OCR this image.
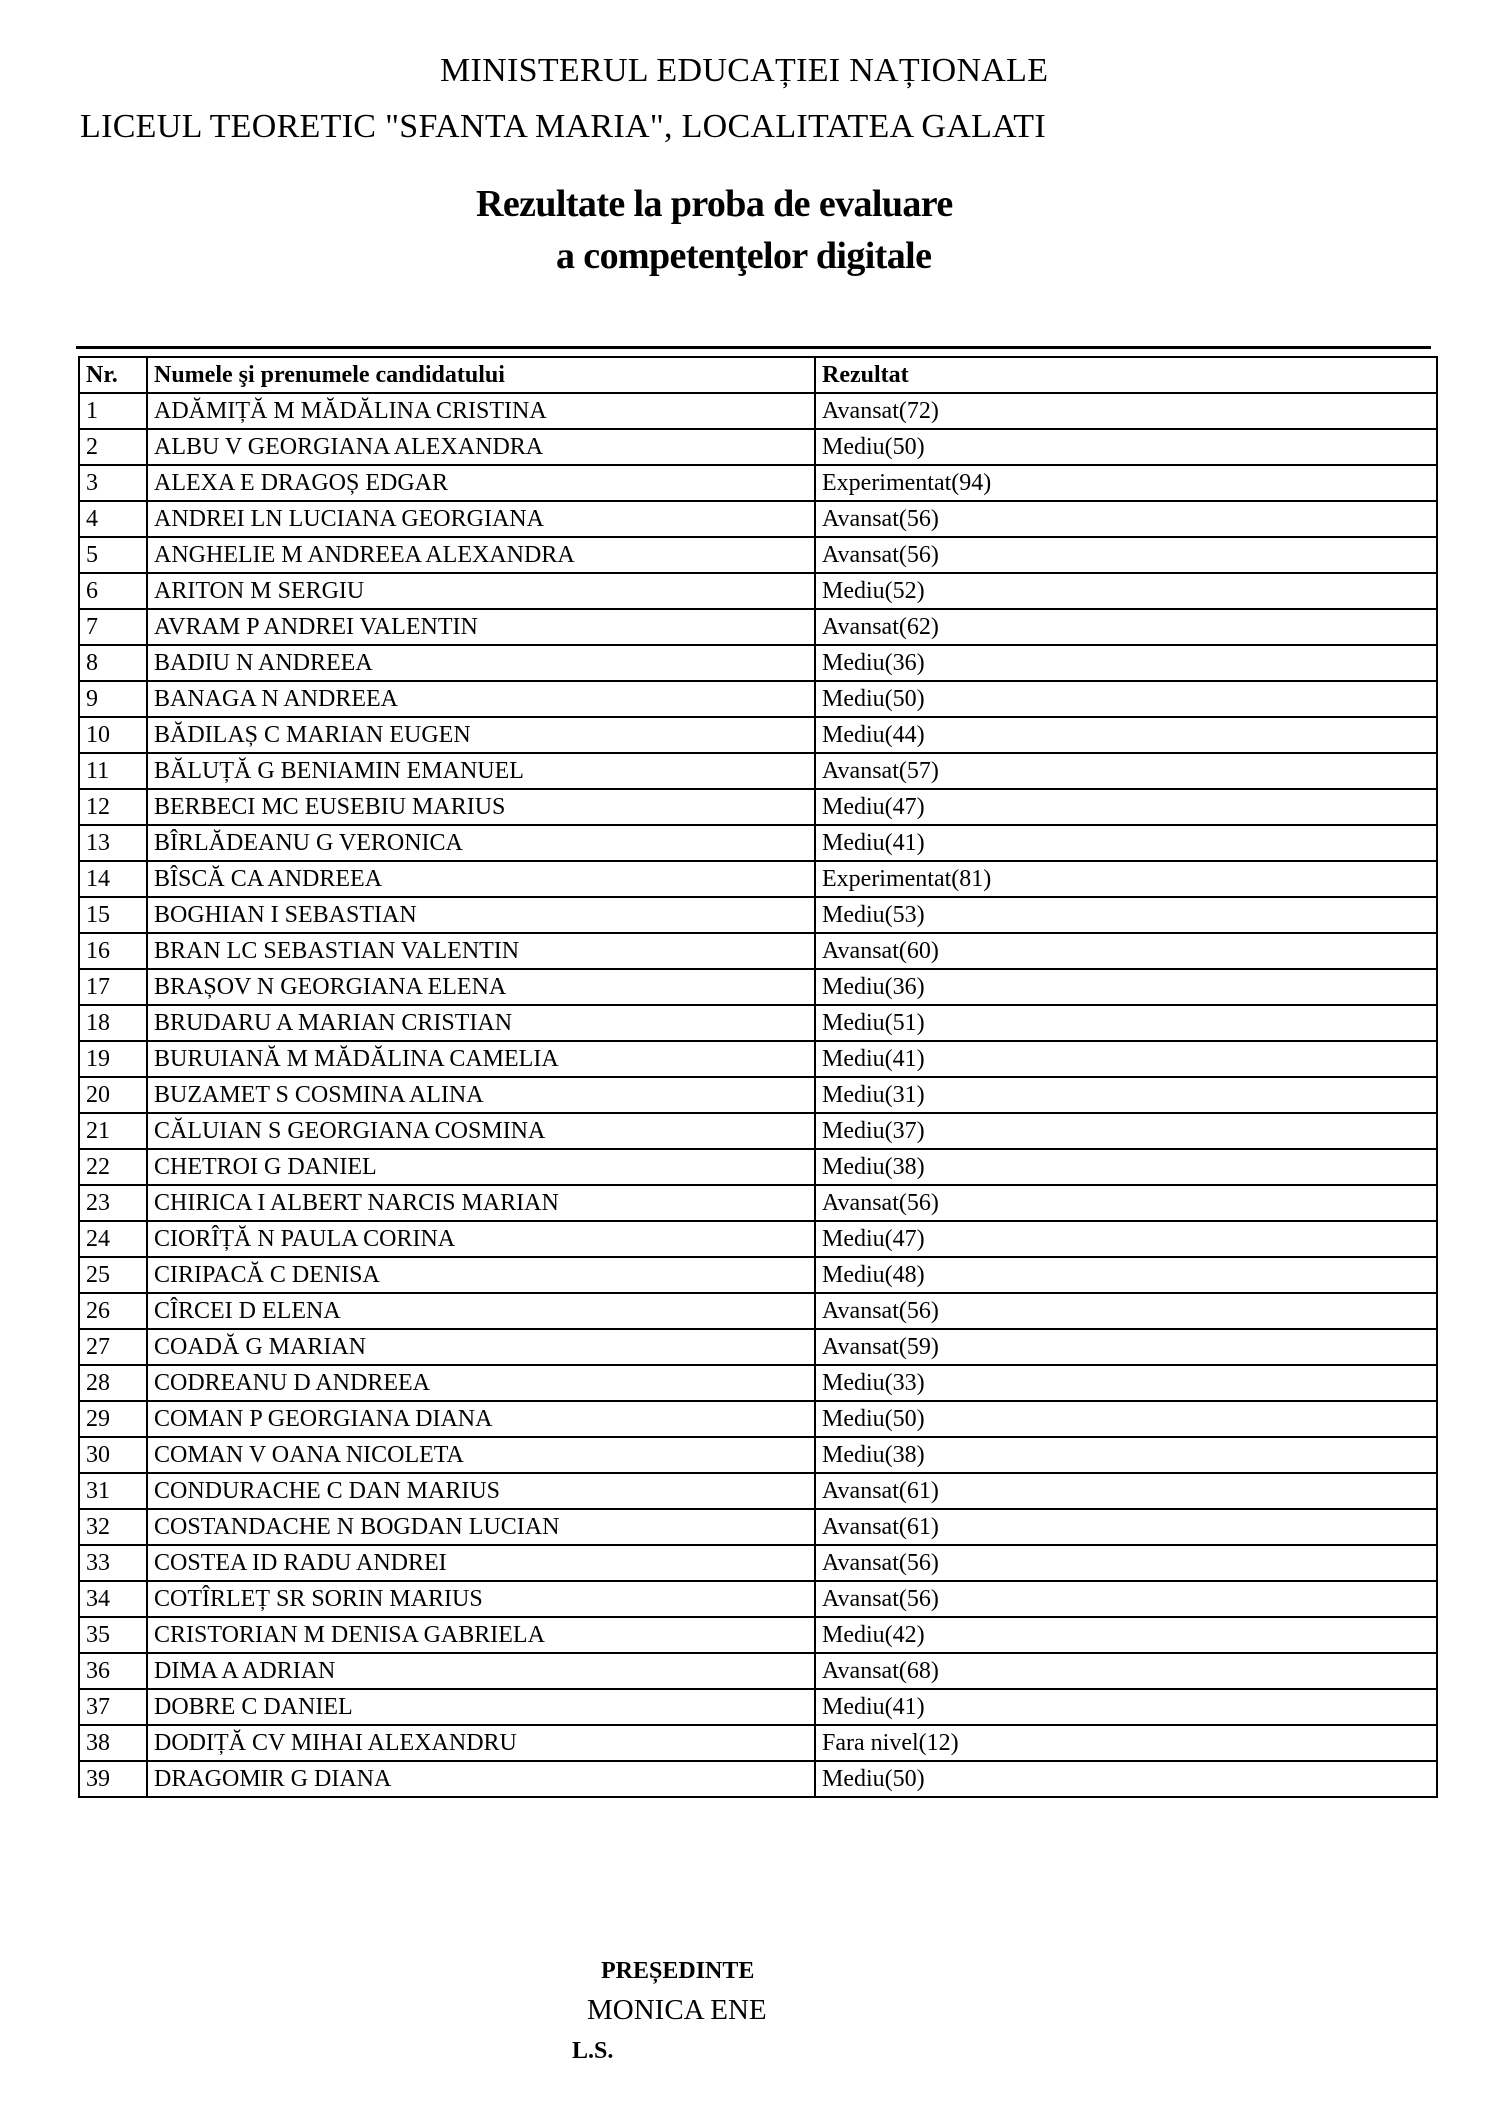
MINISTERUL EDUCAȚIEI NAȚIONALE
LICEUL TEORETIC "SFANTA MARIA", LOCALITATEA GALATI
Rezultate la proba de evaluare
a competenţelor digitale
Nr.	Numele şi prenumele candidatului	Rezultat
1	ADĂMIȚĂ M MĂDĂLINA CRISTINA	Avansat(72)
2	ALBU V GEORGIANA ALEXANDRA	Mediu(50)
3	ALEXA E DRAGOȘ EDGAR	Experimentat(94)
4	ANDREI LN LUCIANA GEORGIANA	Avansat(56)
5	ANGHELIE M ANDREEA ALEXANDRA	Avansat(56)
6	ARITON M SERGIU	Mediu(52)
7	AVRAM P ANDREI VALENTIN	Avansat(62)
8	BADIU N ANDREEA	Mediu(36)
9	BANAGA N ANDREEA	Mediu(50)
10	BĂDILAȘ C MARIAN EUGEN	Mediu(44)
11	BĂLUȚĂ G BENIAMIN EMANUEL	Avansat(57)
12	BERBECI MC EUSEBIU MARIUS	Mediu(47)
13	BÎRLĂDEANU G VERONICA	Mediu(41)
14	BÎSCĂ CA ANDREEA	Experimentat(81)
15	BOGHIAN I SEBASTIAN	Mediu(53)
16	BRAN LC SEBASTIAN VALENTIN	Avansat(60)
17	BRAȘOV N GEORGIANA ELENA	Mediu(36)
18	BRUDARU A MARIAN CRISTIAN	Mediu(51)
19	BURUIANĂ M MĂDĂLINA CAMELIA	Mediu(41)
20	BUZAMET S COSMINA ALINA	Mediu(31)
21	CĂLUIAN S GEORGIANA COSMINA	Mediu(37)
22	CHETROI G DANIEL	Mediu(38)
23	CHIRICA I ALBERT NARCIS MARIAN	Avansat(56)
24	CIORÎȚĂ N PAULA CORINA	Mediu(47)
25	CIRIPACĂ C DENISA	Mediu(48)
26	CÎRCEI D ELENA	Avansat(56)
27	COADĂ G MARIAN	Avansat(59)
28	CODREANU D ANDREEA	Mediu(33)
29	COMAN P GEORGIANA DIANA	Mediu(50)
30	COMAN V OANA NICOLETA	Mediu(38)
31	CONDURACHE C DAN MARIUS	Avansat(61)
32	COSTANDACHE N BOGDAN LUCIAN	Avansat(61)
33	COSTEA ID RADU ANDREI	Avansat(56)
34	COTÎRLEȚ SR SORIN MARIUS	Avansat(56)
35	CRISTORIAN M DENISA GABRIELA	Mediu(42)
36	DIMA A ADRIAN	Avansat(68)
37	DOBRE C DANIEL	Mediu(41)
38	DODIȚĂ CV MIHAI ALEXANDRU	Fara nivel(12)
39	DRAGOMIR G DIANA	Mediu(50)
PREȘEDINTE
MONICA ENE
L.S.
